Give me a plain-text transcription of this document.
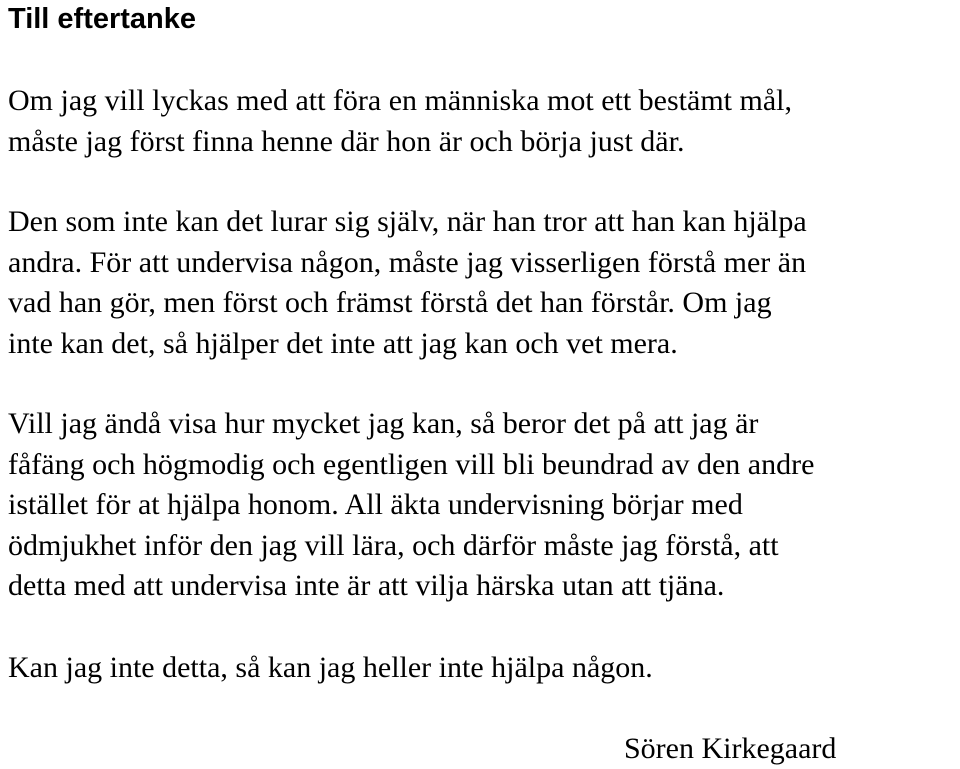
Till eftertanke

Om jag vill lyckas med att föra en människa mot ett bestämt mål,
måste jag först finna henne där hon är och börja just där.

Den som inte kan det lurar sig själv, när han tror att han kan hjälpa
andra. För att undervisa någon, måste jag visserligen förstå mer än
vad han gör, men först och främst förstå det han förstår. Om jag
inte kan det, så hjälper det inte att jag kan och vet mera.

Vill jag ändå visa hur mycket jag kan, så beror det på att jag är
fåfäng och högmodig och egentligen vill bli beundrad av den andre
istället för at hjälpa honom. All äkta undervisning börjar med
ödmjukhet inför den jag vill lära, och därför måste jag förstå, att
detta med att undervisa inte är att vilja härska utan att tjäna.

Kan jag inte detta, så kan jag heller inte hjälpa någon.

Sören Kirkegaard
